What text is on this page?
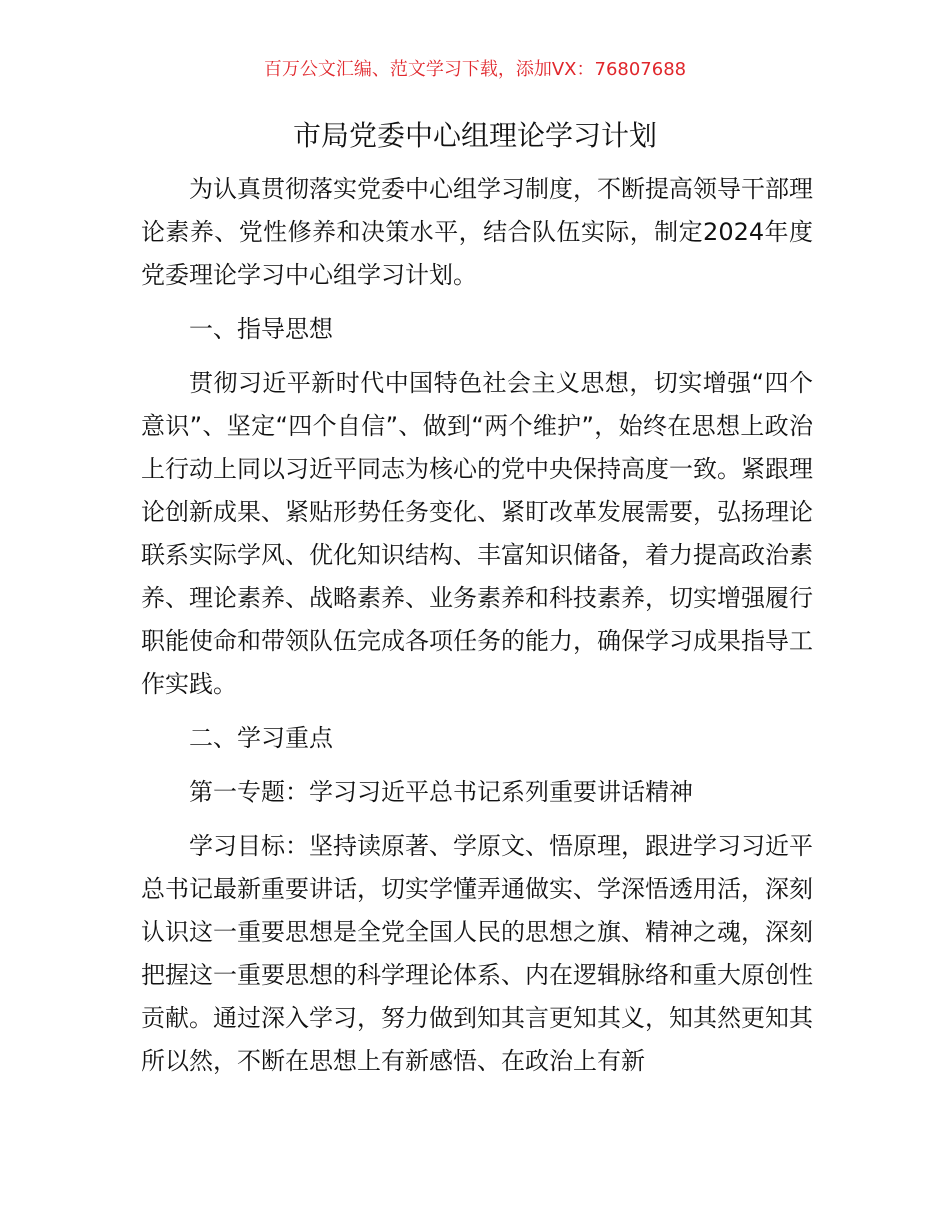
百万公文汇编、范文学习下载，添加VX：76807688
市局党委中心组理论学习计划

为认真贯彻落实党委中心组学习制度，不断提高领导干部理论素养、党性修养和决策水平，结合队伍实际，制定2024年度党委理论学习中心组学习计划。

一、指导思想

贯彻习近平新时代中国特色社会主义思想，切实增强“四个意识”、坚定“四个自信”、做到“两个维护”，始终在思想上政治上行动上同以习近平同志为核心的党中央保持高度一致。紧跟理论创新成果、紧贴形势任务变化、紧盯改革发展需要，弘扬理论联系实际学风、优化知识结构、丰富知识储备，着力提高政治素养、理论素养、战略素养、业务素养和科技素养，切实增强履行职能使命和带领队伍完成各项任务的能力，确保学习成果指导工作实践。

二、学习重点

第一专题：学习习近平总书记系列重要讲话精神

学习目标：坚持读原著、学原文、悟原理，跟进学习习近平总书记最新重要讲话，切实学懂弄通做实、学深悟透用活，深刻认识这一重要思想是全党全国人民的思想之旗、精神之魂，深刻把握这一重要思想的科学理论体系、内在逻辑脉络和重大原创性贡献。通过深入学习，努力做到知其言更知其义，知其然更知其所以然，不断在思想上有新感悟、在政治上有新
